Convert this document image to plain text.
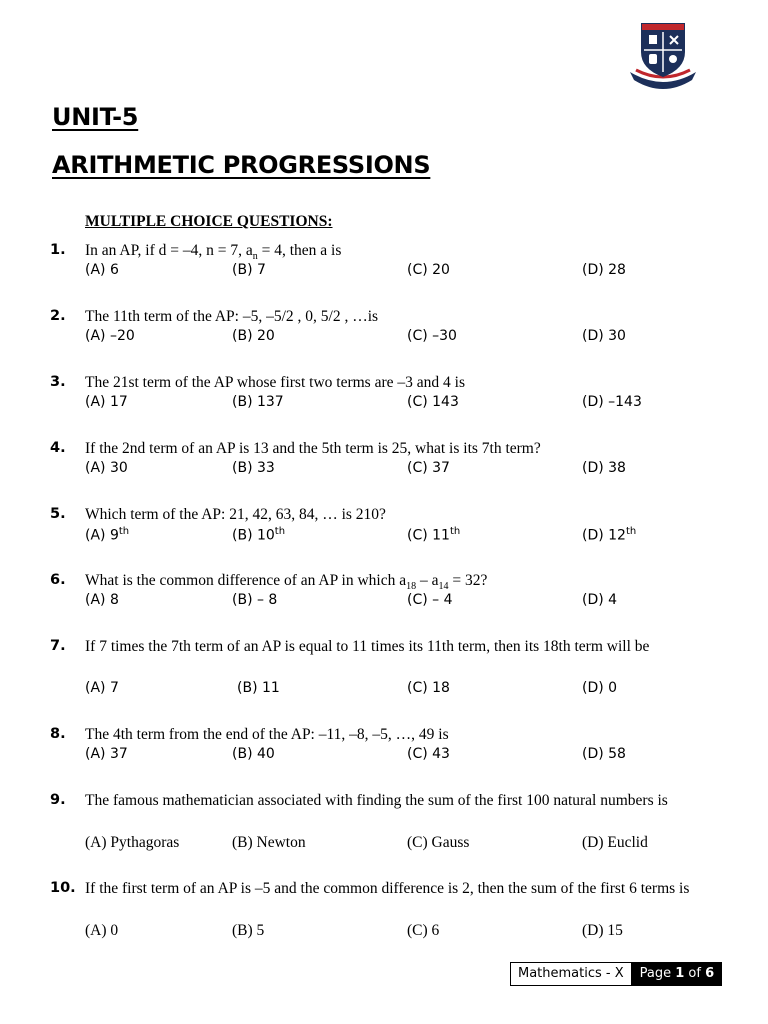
UNIT-5
ARITHMETIC PROGRESSIONS
MULTIPLE CHOICE QUESTIONS:
1. In an AP, if d = –4, n = 7, $a_n = 4$, then a is
(A) 6	(B) 7	(C) 20	(D) 28
2. The 11th term of the AP: –5, –5/2 , 0, 5/2 , …is
(A) –20	(B) 20	(C) –30	(D) 30
3. The 21st term of the AP whose first two terms are –3 and 4 is
(A) 17	(B) 137	(C) 143	(D) –143
4. If the 2nd term of an AP is 13 and the 5th term is 25, what is its 7th term?
(A) 30	(B) 33	(C) 37	(D) 38
5. Which term of the AP: 21, 42, 63, 84, … is 210?
(A) 9th	(B) 10th	(C) 11th	(D) 12th
6. What is the common difference of an AP in which $a_{18} - a_{14} = 32$?
(A) 8	(B) – 8	(C) – 4	(D) 4
7. If 7 times the 7th term of an AP is equal to 11 times its 11th term, then its 18th term will be
(A) 7	(B) 11	(C) 18	(D) 0
8. The 4th term from the end of the AP: –11, –8, –5, …, 49 is
(A) 37	(B) 40	(C) 43	(D) 58
9. The famous mathematician associated with finding the sum of the first 100 natural numbers is
(A) Pythagoras	(B) Newton	(C) Gauss	(D) Euclid
10. If the first term of an AP is –5 and the common difference is 2, then the sum of the first 6 terms is
(A) 0	(B) 5	(C) 6	(D) 15
Mathematics - X	Page 1 of 6
